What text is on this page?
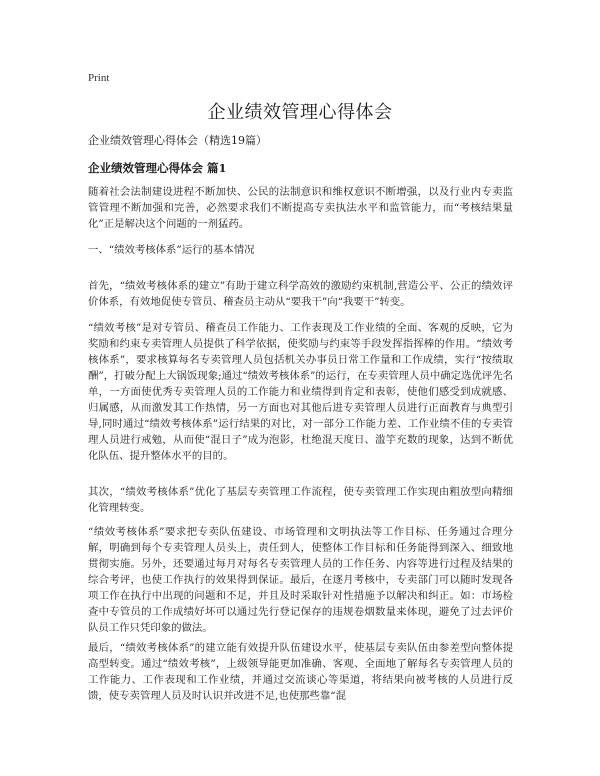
Print
企业绩效管理心得体会

企业绩效管理心得体会（精选19篇）

企业绩效管理心得体会 篇1

随着社会法制建设进程不断加快、公民的法制意识和维权意识不断增强，以及行业内专卖监管管理不断加强和完善，必然要求我们不断提高专卖执法水平和监管能力，而“考核结果量化”正是解决这个问题的一剂猛药。

一、“绩效考核体系”运行的基本情况

首先，“绩效考核体系的建立”有助于建立科学高效的激励约束机制,营造公平、公正的绩效评价体系，有效地促使专管员、稽查员主动从“要我干”向“我要干”转变。

“绩效考核”是对专管员、稽查员工作能力、工作表现及工作业绩的全面、客观的反映，它为奖励和约束专卖管理人员提供了科学依据，使奖励与约束等手段发挥指挥棒的作用。“绩效考核体系”，要求核算每名专卖管理人员包括机关办事员日常工作量和工作成绩，实行“按绩取酬”，打破分配上大锅饭现象;通过“绩效考核体系”的运行，在专卖管理人员中确定选优评先名单，一方面使优秀专卖管理人员的工作能力和业绩得到肯定和表彰，使他们感受到成就感、归属感，从而激发其工作热情，另一方面也对其他后进专卖管理人员进行正面教育与典型引导,同时通过“绩效考核体系”运行结果的对比，对一部分工作能力差、工作业绩不佳的专卖管理人员进行戒勉，从而使“混日子”成为泡影，杜绝混天度日、滥竽充数的现象，达到不断优化队伍、提升整体水平的目的。

其次，“绩效考核体系”优化了基层专卖管理工作流程，使专卖管理工作实现由粗放型向精细化管理转变。

“绩效考核体系”要求把专卖队伍建设、市场管理和文明执法等工作目标、任务通过合理分解，明确到每个专卖管理人员头上，责任到人，使整体工作目标和任务能得到深入、细致地贯彻实施。另外，还要通过每月对每名专卖管理人员的工作任务、内容等进行过程及结果的综合考评，也使工作执行的效果得到保证。最后，在逐月考核中，专卖部门可以随时发现各项工作在执行中出现的问题和不足，并且及时采取针对性措施予以解决和纠正。如：市场检查中专管员的工作成绩好坏可以通过先行登记保存的违规卷烟数量来体现，避免了过去评价队员工作只凭印象的做法。

最后，“绩效考核体系”的建立能有效提升队伍建设水平，使基层专卖队伍由参差型向整体提高型转变。通过“绩效考核”，上级领导能更加准确、客观、全面地了解每名专卖管理人员的工作能力、工作表现和工作业绩，并通过交流谈心等渠道，将结果向被考核的人员进行反馈，使专卖管理人员及时认识并改进不足,也使那些靠“混
